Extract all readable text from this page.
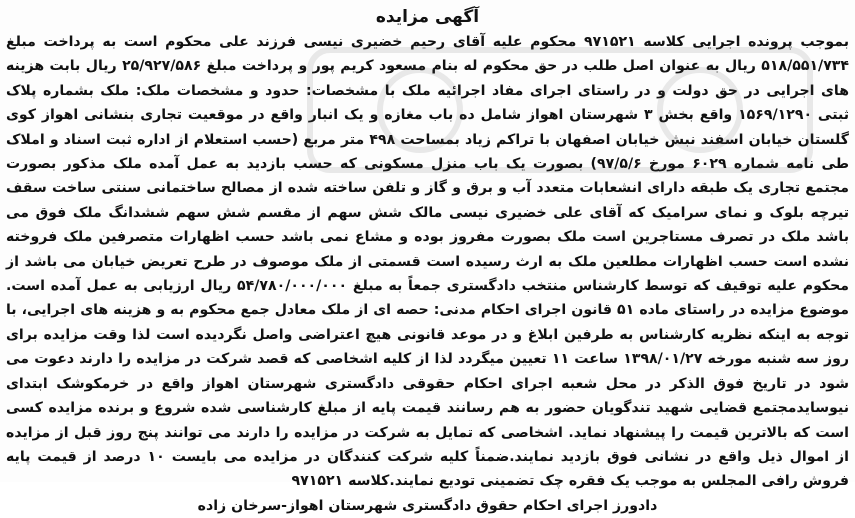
آگهی مزایده

بموجب پرونده اجرایی کلاسه ۹۷۱۵۲۱ محکوم علیه آقای رحیم خضیری نیسی فرزند علی محکوم است به پرداخت مبلغ ۵۱۸/۵۵۱/۷۳۴ ریال به عنوان اصل طلب در حق محکوم له بنام مسعود کریم پور و پرداخت مبلغ ۲۵/۹۲۷/۵۸۶ ریال بابت هزینه های اجرایی در حق دولت و در راستای اجرای مفاد اجرائیه ملک با مشخصات: حدود و مشخصات ملک: ملک بشماره پلاک ثبتی ۱۵۶۹/۱۲۹۰ واقع بخش ۳ شهرستان اهواز شامل ده باب مغازه و یک انبار واقع در موقعیت تجاری بنشانی اهواز کوی گلستان خیابان اسفند نبش خیابان اصفهان با تراکم زیاد بمساحت ۴۹۸ متر مربع (حسب استعلام از اداره ثبت اسناد و املاک طی نامه شماره ۶۰۲۹ مورخ ۹۷/۵/۶) بصورت یک باب منزل مسکونی که حسب بازدید به عمل آمده ملک مذکور بصورت مجتمع تجاری یک طبقه دارای انشعابات متعدد آب و برق و گاز و تلفن ساخته شده از مصالح ساختمانی سنتی ساخت سقف تیرچه بلوک و نمای سرامیک که آقای علی خضیری نیسی مالک شش سهم از مقسم شش سهم ششدانگ ملک فوق می باشد ملک در تصرف مستاجرین است ملک بصورت مفروز بوده و مشاع نمی باشد حسب اظهارات متصرفین ملک فروخته نشده است حسب اظهارات مطلعین ملک به ارث رسیده است قسمتی از ملک موصوف در طرح تعریض خیابان می باشد از محکوم علیه توقیف که توسط کارشناس منتخب دادگستری جمعاً به مبلغ ۵۴/۷۸۰/۰۰۰/۰۰۰ ریال ارزیابی به عمل آمده است. موضوع مزایده در راستای ماده ۵۱ قانون اجرای احکام مدنی: حصه ای از ملک معادل جمع محکوم به و هزینه های اجرایی، با توجه به اینکه نظریه کارشناس به طرفین ابلاغ و در موعد قانونی هیچ اعتراضی واصل نگردیده است لذا وقت مزایده برای روز سه شنبه مورخه ۱۳۹۸/۰۱/۲۷ ساعت ۱۱ تعیین میگردد لذا از کلیه اشخاصی که قصد شرکت در مزایده را دارند دعوت می شود در تاریخ فوق الذکر در محل شعبه اجرای احکام حقوقی دادگستری شهرستان اهواز واقع در خرمکوشک ابتدای نیوسایدمجتمع قضایی شهید تندگویان حضور به هم رسانند قیمت پایه از مبلغ کارشناسی شده شروع و برنده مزایده کسی است که بالاترین قیمت را پیشنهاد نماید. اشخاصی که تمایل به شرکت در مزایده را دارند می توانند پنج روز قبل از مزایده از اموال ذیل واقع در نشانی فوق بازدید نمایند.ضمناً کلیه شرکت کنندگان در مزایده می بایست ۱۰ درصد از قیمت پایه فروش رافی المجلس به موجب یک فقره چک تضمینی تودیع نمایند.کلاسه ۹۷۱۵۲۱

دادورز اجرای احکام حقوق دادگستری شهرستان اهواز-سرخان زاده
